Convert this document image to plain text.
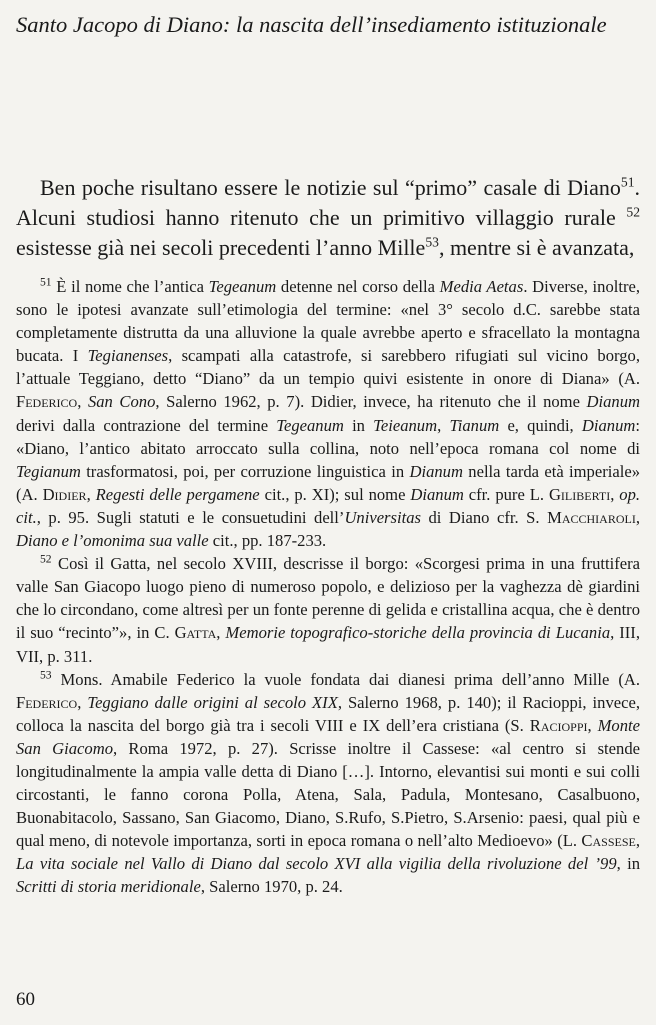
Santo Jacopo di Diano: la nascita dell’insediamento istituzionale

Ben poche risultano essere le notizie sul “primo” casale di Diano$^{51}$. Alcuni studiosi hanno ritenuto che un primitivo villaggio rurale $^{52}$ esistesse già nei secoli precedenti l’anno Mille$^{53}$, mentre si è avanzata,

$^{51}$ È il nome che l’antica Tegeanum detenne nel corso della Media Aetas. Diverse, inoltre, sono le ipotesi avanzate sull’etimologia del termine: «nel 3° secolo d.C. sarebbe stata completamente distrutta da una alluvione la quale avrebbe aperto e sfracellato la montagna bucata. I Tegianenses, scampati alla catastrofe, si sarebbero rifugiati sul vicino borgo, l’attuale Teggiano, detto “Diano” da un tempio quivi esistente in onore di Diana» (A. Federico, San Cono, Salerno 1962, p. 7). Didier, invece, ha ritenuto che il nome Dianum derivi dalla contrazione del termine Tegeanum in Teieanum, Tianum e, quindi, Dianum: «Diano, l’antico abitato arroccato sulla collina, noto nell’epoca romana col nome di Tegianum trasformatosi, poi, per corruzione linguistica in Dianum nella tarda età imperiale» (A. Didier, Regesti delle pergamene cit., p. XI); sul nome Dianum cfr. pure L. Giliberti, op. cit., p. 95. Sugli statuti e le consuetudini dell’Universitas di Diano cfr. S. Macchiaroli, Diano e l’omonima sua valle cit., pp. 187-233.

$^{52}$ Così il Gatta, nel secolo XVIII, descrisse il borgo: «Scorgesi prima in una fruttifera valle San Giacopo luogo pieno di numeroso popolo, e delizioso per la vaghezza dè giardini che lo circondano, come altresì per un fonte perenne di gelida e cristallina acqua, che è dentro il suo “recinto”», in C. Gatta, Memorie topografico-storiche della provincia di Lucania, III, VII, p. 311.

$^{53}$ Mons. Amabile Federico la vuole fondata dai dianesi prima dell’anno Mille (A. Federico, Teggiano dalle origini al secolo XIX, Salerno 1968, p. 140); il Racioppi, invece, colloca la nascita del borgo già tra i secoli VIII e IX dell’era cristiana (S. Racioppi, Monte San Giacomo, Roma 1972, p. 27). Scrisse inoltre il Cassese: «al centro si stende longitudinalmente la ampia valle detta di Diano […]. Intorno, elevantisi sui monti e sui colli circostanti, le fanno corona Polla, Atena, Sala, Padula, Montesano, Casalbuono, Buonabitacolo, Sassano, San Giacomo, Diano, S.Rufo, S.Pietro, S.Arsenio: paesi, qual più e qual meno, di notevole importanza, sorti in epoca romana o nell’alto Medioevo» (L. Cassese, La vita sociale nel Vallo di Diano dal secolo XVI alla vigilia della rivoluzione del ’99, in Scritti di storia meridionale, Salerno 1970, p. 24.

60
